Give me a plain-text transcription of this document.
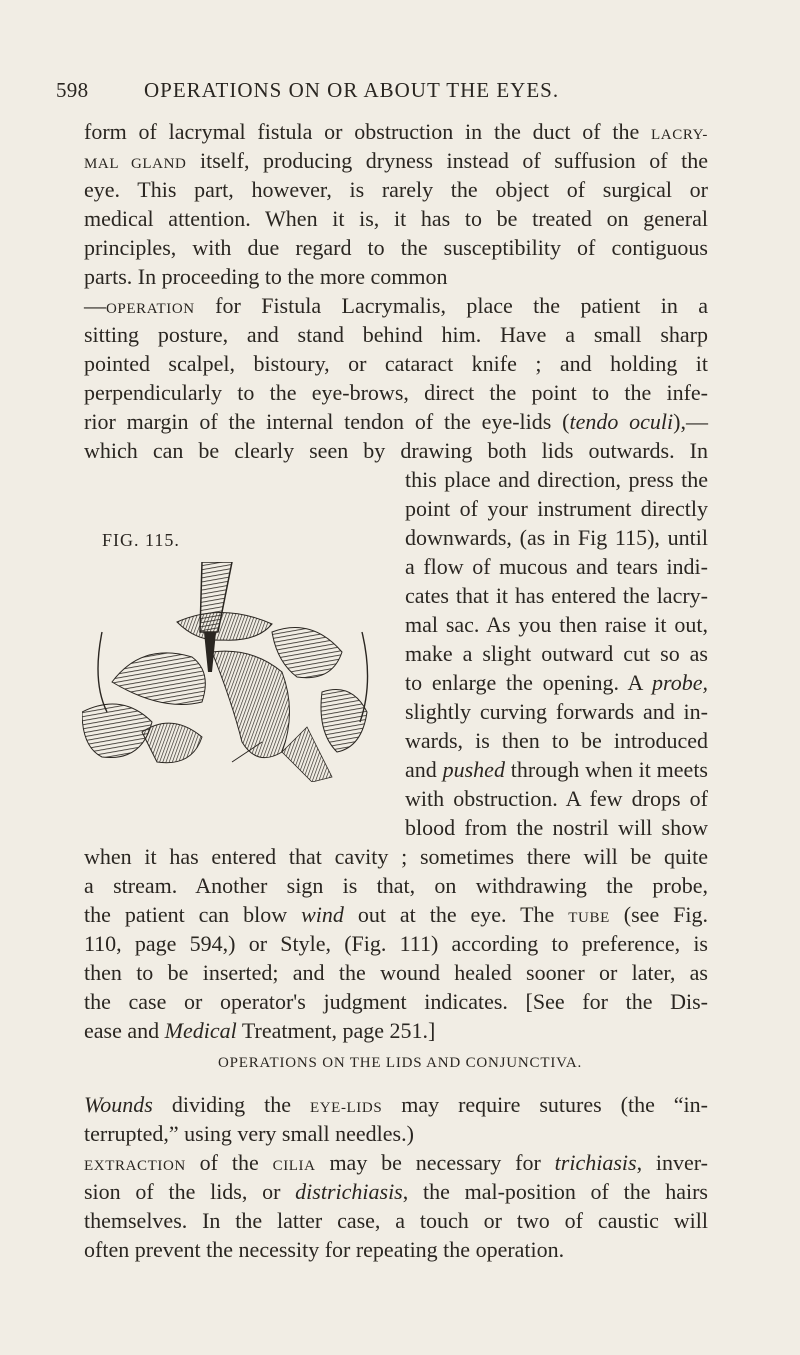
598	OPERATIONS ON OR ABOUT THE EYES.
form of lacrymal fistula or obstruction in the duct of the LACRY-
MAL GLAND itself, producing dryness instead of suffusion of the
eye. This part, however, is rarely the object of surgical or
medical attention. When it is, it has to be treated on general
principles, with due regard to the susceptibility of contiguous
parts. In proceeding to the more common
—OPERATION for Fistula Lacrymalis, place the patient in a
sitting posture, and stand behind him. Have a small sharp
pointed scalpel, bistoury, or cataract knife ; and holding it
perpendicularly to the eye-brows, direct the point to the infe-
rior margin of the internal tendon of the eye-lids (tendo oculi),—
which can be clearly seen by drawing both lids outwards. In
this place and direction, press the
point of your instrument directly
downwards, (as in Fig 115), until
a flow of mucous and tears indi-
cates that it has entered the lacry-
mal sac. As you then raise it out,
make a slight outward cut so as
to enlarge the opening. A probe,
slightly curving forwards and in-
wards, is then to be introduced
and pushed through when it meets
with obstruction. A few drops of
blood from the nostril will show
FIG. 115.
when it has entered that cavity ; sometimes there will be quite
a stream. Another sign is that, on withdrawing the probe,
the patient can blow wind out at the eye. The TUBE (see Fig.
110, page 594,) or Style, (Fig. 111) according to preference, is
then to be inserted; and the wound healed sooner or later, as
the case or operator's judgment indicates. [See for the Dis-
ease and Medical Treatment, page 251.]
OPERATIONS ON THE LIDS AND CONJUNCTIVA.
Wounds dividing the EYE-LIDS may require sutures (the “in-
terrupted,” using very small needles.)
EXTRACTION of the CILIA may be necessary for trichiasis, inver-
sion of the lids, or districhiasis, the mal-position of the hairs
themselves. In the latter case, a touch or two of caustic will
often prevent the necessity for repeating the operation.
